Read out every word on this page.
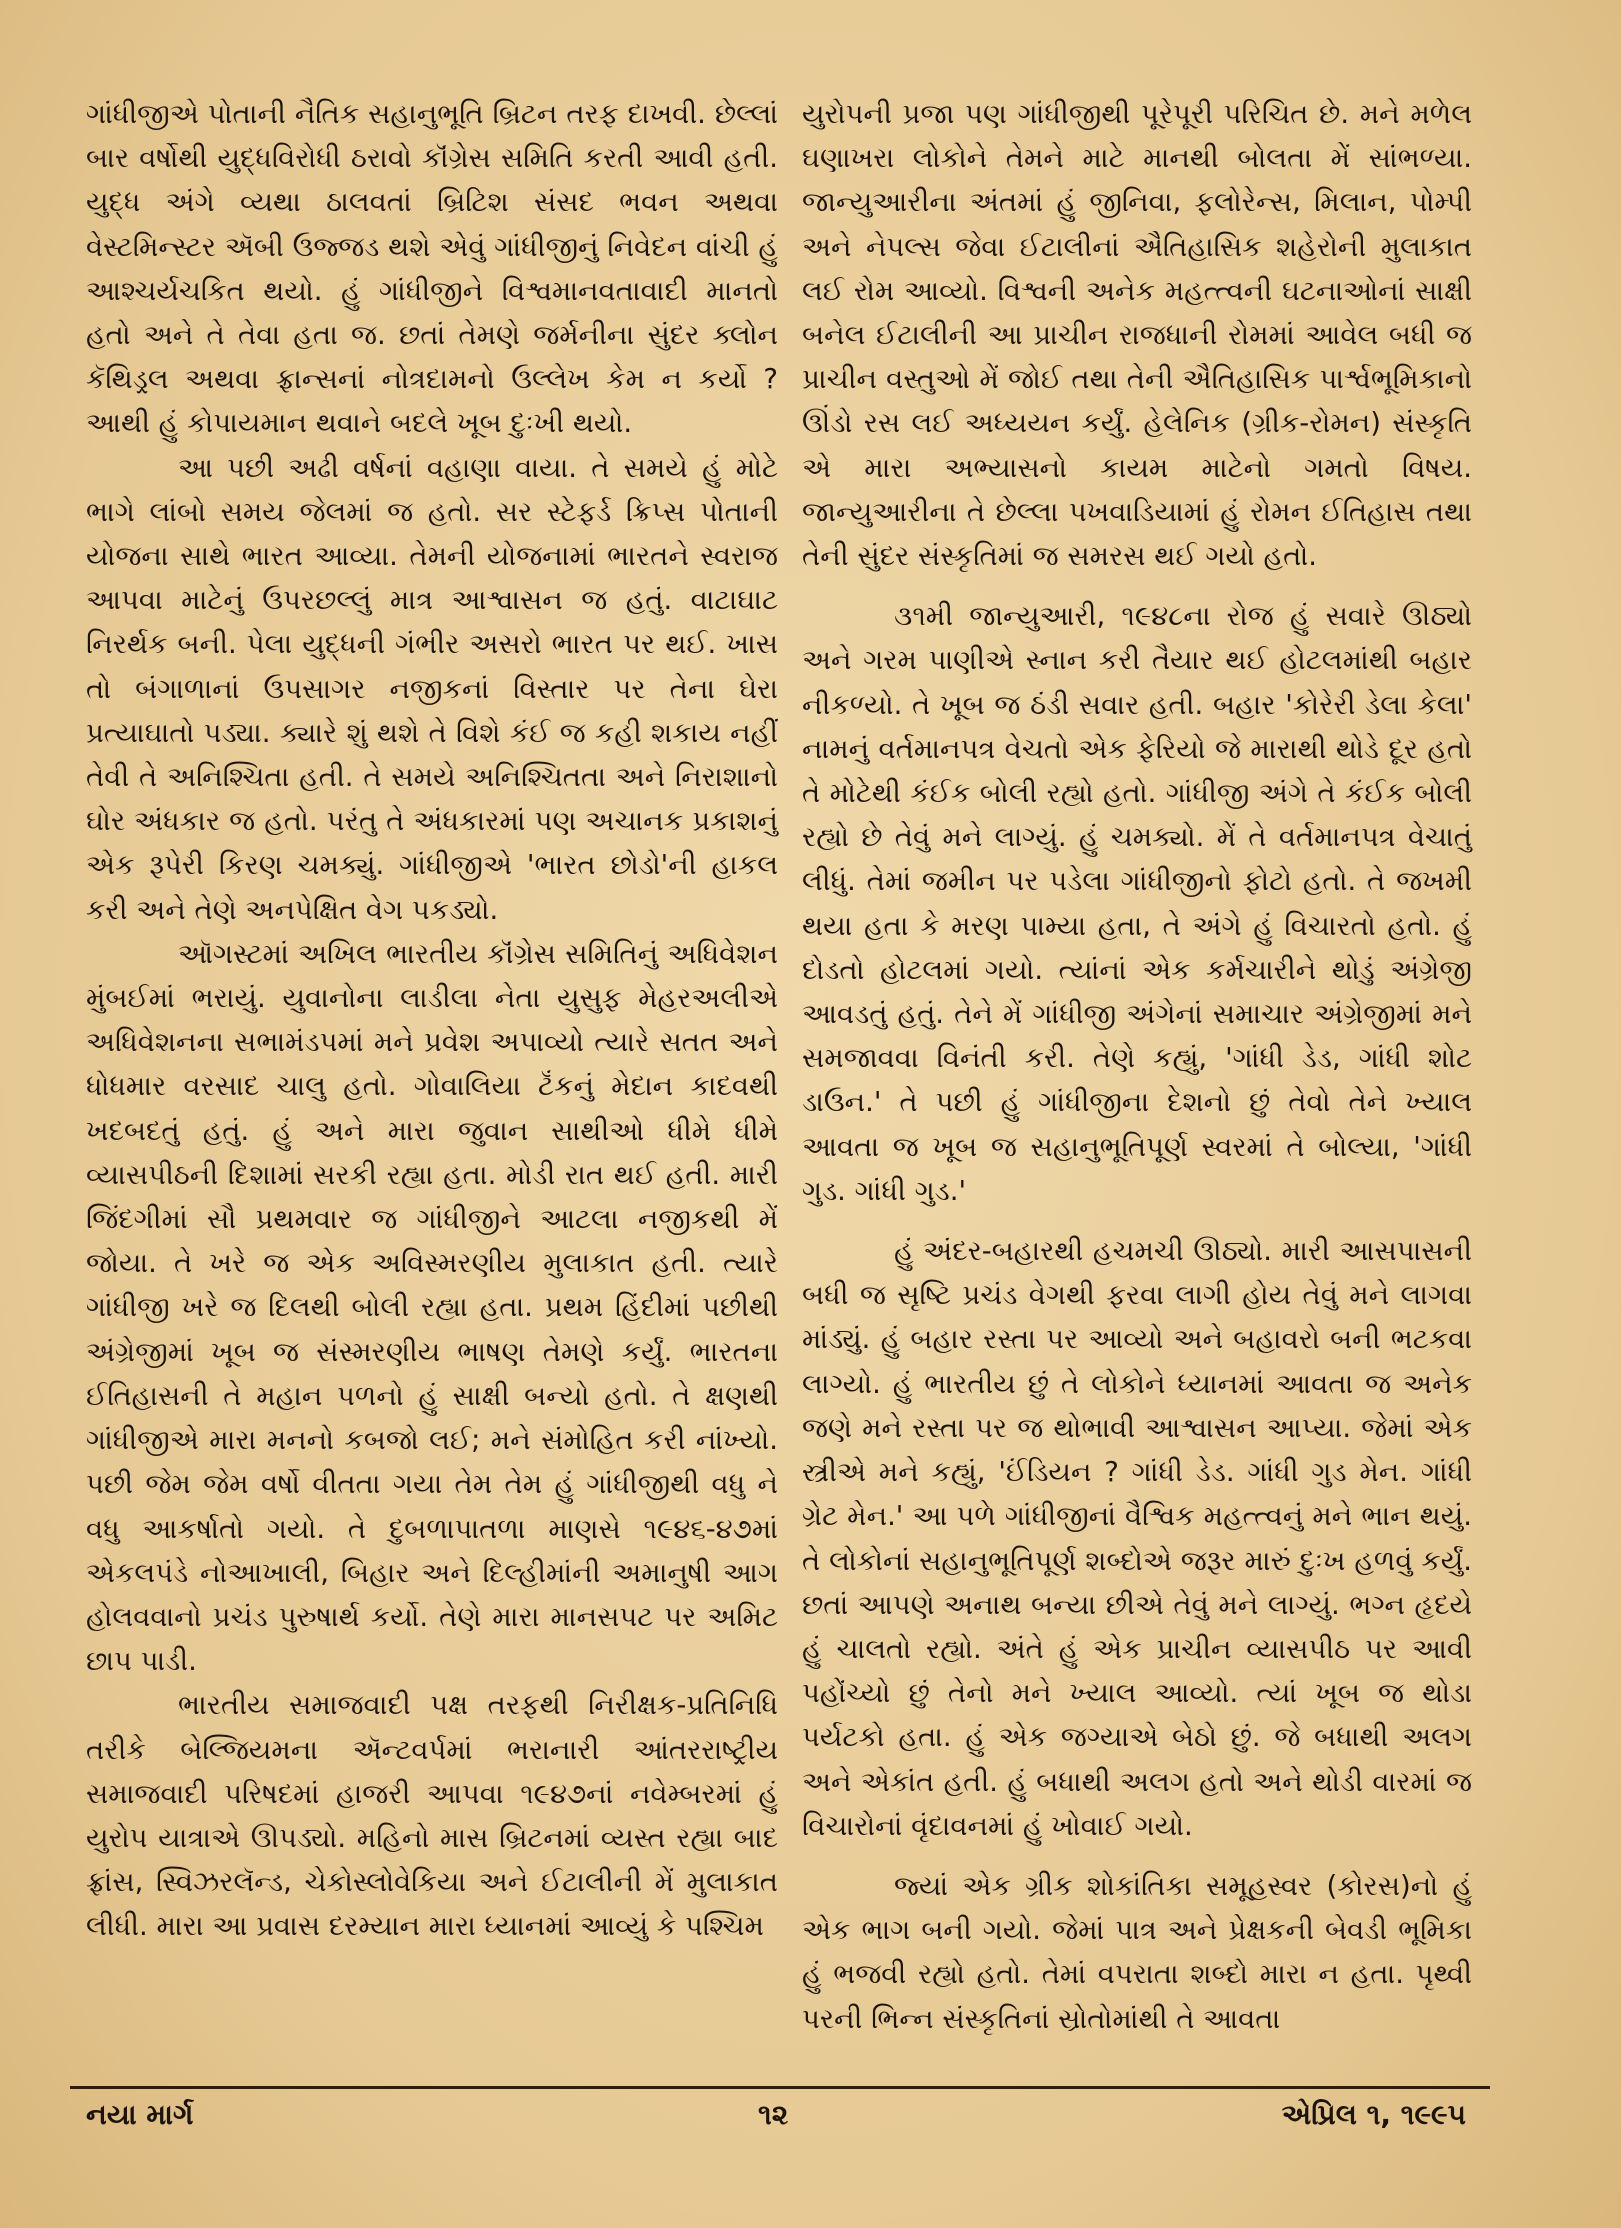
ગાંધીજીએ પોતાની નૈતિક સહાનુભૂતિ બ્રિટન તરફ દાખવી. છેલ્લાં બાર વર્ષોથી યુદ્ધવિરોધી ઠરાવો કૉંગ્રેસ સમિતિ કરતી આવી હતી. યુદ્ધ અંગે વ્યથા ઠાલવતાં બ્રિટિશ સંસદ ભવન અથવા વેસ્ટમિન્સ્ટર ઍબી ઉજ્જડ થશે એવું ગાંધીજીનું નિવેદન વાંચી હું આશ્ચર્યચકિત થયો. હું ગાંધીજીને વિશ્વમાનવતાવાદી માનતો હતો અને તે તેવા હતા જ. છતાં તેમણે જર્મનીના સુંદર ક્લોન કૅથિડ્રલ અથવા ફ્રાન્સનાં નોત્રદામનો ઉલ્લેખ કેમ ન કર્યો ? આથી હું કોપાયમાન થવાને બદલે ખૂબ દુઃખી થયો.

આ પછી અઢી વર્ષનાં વહાણા વાયા. તે સમયે હું મોટે ભાગે લાંબો સમય જેલમાં જ હતો. સર સ્ટેફર્ડ ક્રિપ્સ પોતાની યોજના સાથે ભારત આવ્યા. તેમની યોજનામાં ભારતને સ્વરાજ આપવા માટેનું ઉપરછલ્લું માત્ર આશ્વાસન જ હતું. વાટાઘાટ નિરર્થક બની. પેલા યુદ્ધની ગંભીર અસરો ભારત પર થઈ. ખાસ તો બંગાળાનાં ઉપસાગર નજીકનાં વિસ્તાર પર તેના ઘેરા પ્રત્યાઘાતો પડ્યા. ક્યારે શું થશે તે વિશે કંઈ જ કહી શકાય નહીં તેવી તે અનિશ્ચિતા હતી. તે સમયે અનિશ્ચિતતા અને નિરાશાનો ઘોર અંધકાર જ હતો. પરંતુ તે અંધકારમાં પણ અચાનક પ્રકાશનું એક રૂપેરી કિરણ ચમક્યું. ગાંધીજીએ 'ભારત છોડો'ની હાકલ કરી અને તેણે અનપેક્ષિત વેગ પકડ્યો.

ઑગસ્ટમાં અખિલ ભારતીય કૉંગ્રેસ સમિતિનું અધિવેશન મુંબઈમાં ભરાયું. યુવાનોના લાડીલા નેતા યુસુફ મેહરઅલીએ અધિવેશનના સભામંડપમાં મને પ્રવેશ અપાવ્યો ત્યારે સતત અને ધોધમાર વરસાદ ચાલુ હતો. ગોવાલિયા ટૅંકનું મેદાન કાદવથી ખદબદતું હતું. હું અને મારા જુવાન સાથીઓ ધીમે ધીમે વ્યાસપીઠની દિશામાં સરકી રહ્યા હતા. મોડી રાત થઈ હતી. મારી જિંદગીમાં સૌ પ્રથમવાર જ ગાંધીજીને આટલા નજીકથી મેં જોયા. તે ખરે જ એક અવિસ્મરણીય મુલાકાત હતી. ત્યારે ગાંધીજી ખરે જ દિલથી બોલી રહ્યા હતા. પ્રથમ હિંદીમાં પછીથી અંગ્રેજીમાં ખૂબ જ સંસ્મરણીય ભાષણ તેમણે કર્યું. ભારતના ઈતિહાસની તે મહાન પળનો હું સાક્ષી બન્યો હતો. તે ક્ષણથી ગાંધીજીએ મારા મનનો કબજો લઈ; મને સંમોહિત કરી નાંખ્યો. પછી જેમ જેમ વર્ષો વીતતા ગયા તેમ તેમ હું ગાંધીજીથી વધુ ને વધુ આકર્ષાતો ગયો. તે દુબળાપાતળા માણસે ૧૯૪૬-૪૭માં એકલપંડે નોઆખાલી, બિહાર અને દિલ્હીમાંની અમાનુષી આગ હોલવવાનો પ્રચંડ પુરુષાર્થ કર્યો. તેણે મારા માનસપટ પર અમિટ છાપ પાડી.

ભારતીય સમાજવાદી પક્ષ તરફથી નિરીક્ષક-પ્રતિનિધિ તરીકે બેલ્જિયમના ઍન્ટવર્પમાં ભરાનારી આંતરરાષ્ટ્રીય સમાજવાદી પરિષદમાં હાજરી આપવા ૧૯૪૭નાં નવેમ્બરમાં હું યુરોપ યાત્રાએ ઊપડ્યો. મહિનો માસ બ્રિટનમાં વ્યસ્ત રહ્યા બાદ ફ્રાંસ, સ્વિઝરલૅન્ડ, ચેકોસ્લોવેકિયા અને ઈટાલીની મેં મુલાકાત લીધી. મારા આ પ્રવાસ દરમ્યાન મારા ધ્યાનમાં આવ્યું કે પશ્ચિમ

યુરોપની પ્રજા પણ ગાંધીજીથી પૂરેપૂરી પરિચિત છે. મને મળેલ ઘણાખરા લોકોને તેમને માટે માનથી બોલતા મેં સાંભળ્યા. જાન્યુઆરીના અંતમાં હું જીનિવા, ફલોરેન્સ, મિલાન, પોમ્પી અને નેપલ્સ જેવા ઈટાલીનાં ઐતિહાસિક શહેરોની મુલાકાત લઈ રોમ આવ્યો. વિશ્વની અનેક મહત્ત્વની ઘટનાઓનાં સાક્ષી બનેલ ઈટાલીની આ પ્રાચીન રાજધાની રોમમાં આવેલ બધી જ પ્રાચીન વસ્તુઓ મેં જોઈ તથા તેની ઐતિહાસિક પાર્શ્વભૂમિકાનો ઊંડો રસ લઈ અધ્યયન કર્યું. હેલેનિક (ગ્રીક-રોમન) સંસ્કૃતિ એ મારા અભ્યાસનો કાયમ માટેનો ગમતો વિષય. જાન્યુઆરીના તે છેલ્લા પખવાડિયામાં હું રોમન ઈતિહાસ તથા તેની સુંદર સંસ્કૃતિમાં જ સમરસ થઈ ગયો હતો.

૩૧મી જાન્યુઆરી, ૧૯૪૮ના રોજ હું સવારે ઊઠ્યો અને ગરમ પાણીએ સ્નાન કરી તૈયાર થઈ હોટલમાંથી બહાર નીકળ્યો. તે ખૂબ જ ઠંડી સવાર હતી. બહાર 'કોરેરી ડેલા કેલા' નામનું વર્તમાનપત્ર વેચતો એક ફેરિયો જે મારાથી થોડે દૂર હતો તે મોટેથી કંઈક બોલી રહ્યો હતો. ગાંધીજી અંગે તે કંઈક બોલી રહ્યો છે તેવું મને લાગ્યું. હું ચમક્યો. મેં તે વર્તમાનપત્ર વેચાતું લીધું. તેમાં જમીન પર પડેલા ગાંધીજીનો ફોટો હતો. તે જખમી થયા હતા કે મરણ પામ્યા હતા, તે અંગે હું વિચારતો હતો. હું દોડતો હોટલમાં ગયો. ત્યાંનાં એક કર્મચારીને થોડું અંગ્રેજી આવડતું હતું. તેને મેં ગાંધીજી અંગેનાં સમાચાર અંગ્રેજીમાં મને સમજાવવા વિનંતી કરી. તેણે કહ્યું, 'ગાંધી ડેડ, ગાંધી શોટ ડાઉન.' તે પછી હું ગાંધીજીના દેશનો છું તેવો તેને ખ્યાલ આવતા જ ખૂબ જ સહાનુભૂતિપૂર્ણ સ્વરમાં તે બોલ્યા, 'ગાંધી ગુડ. ગાંધી ગુડ.'

હું અંદર-બહારથી હચમચી ઊઠ્યો. મારી આસપાસની બધી જ સૃષ્ટિ પ્રચંડ વેગથી ફરવા લાગી હોય તેવું મને લાગવા માંડ્યું. હું બહાર રસ્તા પર આવ્યો અને બહાવરો બની ભટકવા લાગ્યો. હું ભારતીય છું તે લોકોને ધ્યાનમાં આવતા જ અનેક જણે મને રસ્તા પર જ થોભાવી આશ્વાસન આપ્યા. જેમાં એક સ્ત્રીએ મને કહ્યું, 'ઈંડિયન ? ગાંધી ડેડ. ગાંધી ગુડ મેન. ગાંધી ગ્રેટ મેન.' આ પળે ગાંધીજીનાં વૈશ્વિક મહત્ત્વનું મને ભાન થયું. તે લોકોનાં સહાનુભૂતિપૂર્ણ શબ્દોએ જરૂર મારું દુઃખ હળવું કર્યું. છતાં આપણે અનાથ બન્યા છીએ તેવું મને લાગ્યું. ભગ્ન હૃદયે હું ચાલતો રહ્યો. અંતે હું એક પ્રાચીન વ્યાસપીઠ પર આવી પહોંચ્યો છું તેનો મને ખ્યાલ આવ્યો. ત્યાં ખૂબ જ થોડા પર્યટકો હતા. હું એક જગ્યાએ બેઠો છું. જે બધાથી અલગ અને એકાંત હતી. હું બધાથી અલગ હતો અને થોડી વારમાં જ વિચારોનાં વૃંદાવનમાં હું ખોવાઈ ગયો.

જ્યાં એક ગ્રીક શોકાંતિકા સમૂહસ્વર (કોરસ)નો હું એક ભાગ બની ગયો. જેમાં પાત્ર અને પ્રેક્ષકની બેવડી ભૂમિકા હું ભજવી રહ્યો હતો. તેમાં વપરાતા શબ્દો મારા ન હતા. પૃથ્વી પરની ભિન્ન સંસ્કૃતિનાં સ્રોતોમાંથી તે આવતા

નયા માર્ગ	૧૨	એપ્રિલ ૧, ૧૯૯૫
